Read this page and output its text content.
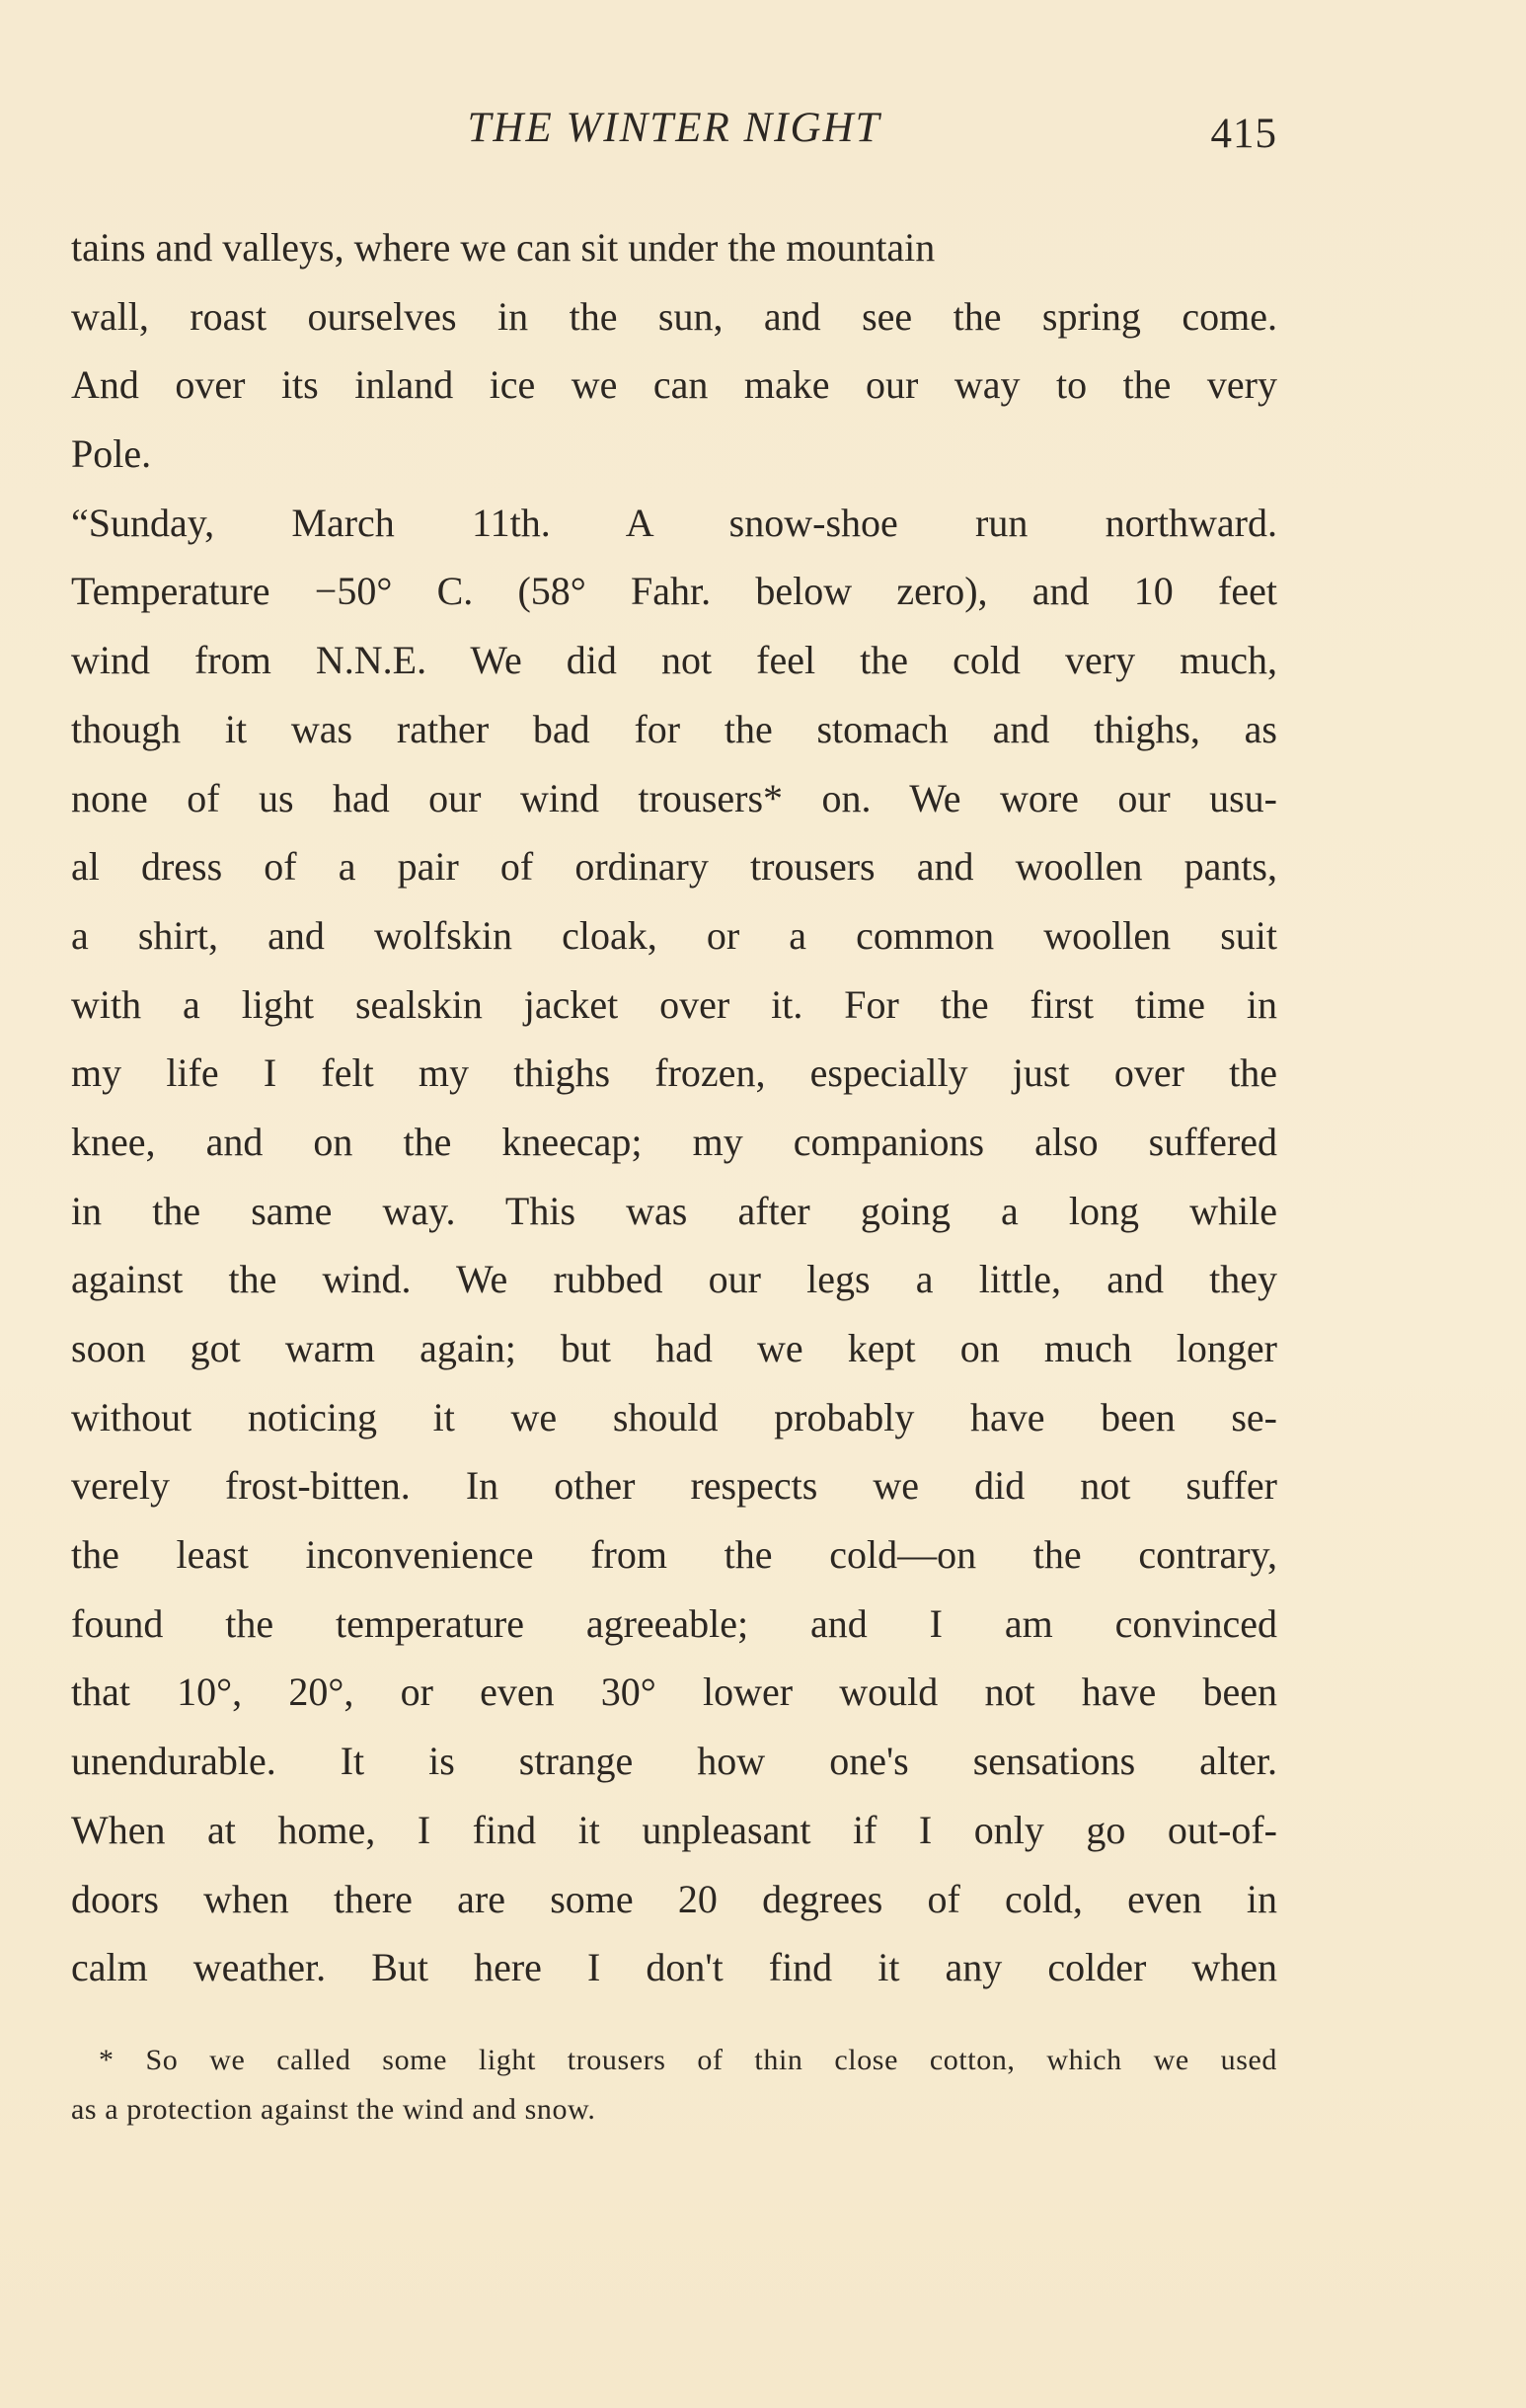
THE WINTER NIGHT	415
tains and valleys, where we can sit under the mountain
wall, roast ourselves in the sun, and see the spring come.
And over its inland ice we can make our way to the very
Pole.
“Sunday, March 11th. A snow-shoe run northward.
Temperature −50° C. (58° Fahr. below zero), and 10 feet
wind from N.N.E. We did not feel the cold very much,
though it was rather bad for the stomach and thighs, as
none of us had our wind trousers* on. We wore our usu-
al dress of a pair of ordinary trousers and woollen pants,
a shirt, and wolfskin cloak, or a common woollen suit
with a light sealskin jacket over it. For the first time in
my life I felt my thighs frozen, especially just over the
knee, and on the kneecap; my companions also suffered
in the same way. This was after going a long while
against the wind. We rubbed our legs a little, and they
soon got warm again; but had we kept on much longer
without noticing it we should probably have been se-
verely frost-bitten. In other respects we did not suffer
the least inconvenience from the cold—on the contrary,
found the temperature agreeable; and I am convinced
that 10°, 20°, or even 30° lower would not have been
unendurable. It is strange how one's sensations alter.
When at home, I find it unpleasant if I only go out-of-
doors when there are some 20 degrees of cold, even in
calm weather. But here I don't find it any colder when
* So we called some light trousers of thin close cotton, which we used
as a protection against the wind and snow.
